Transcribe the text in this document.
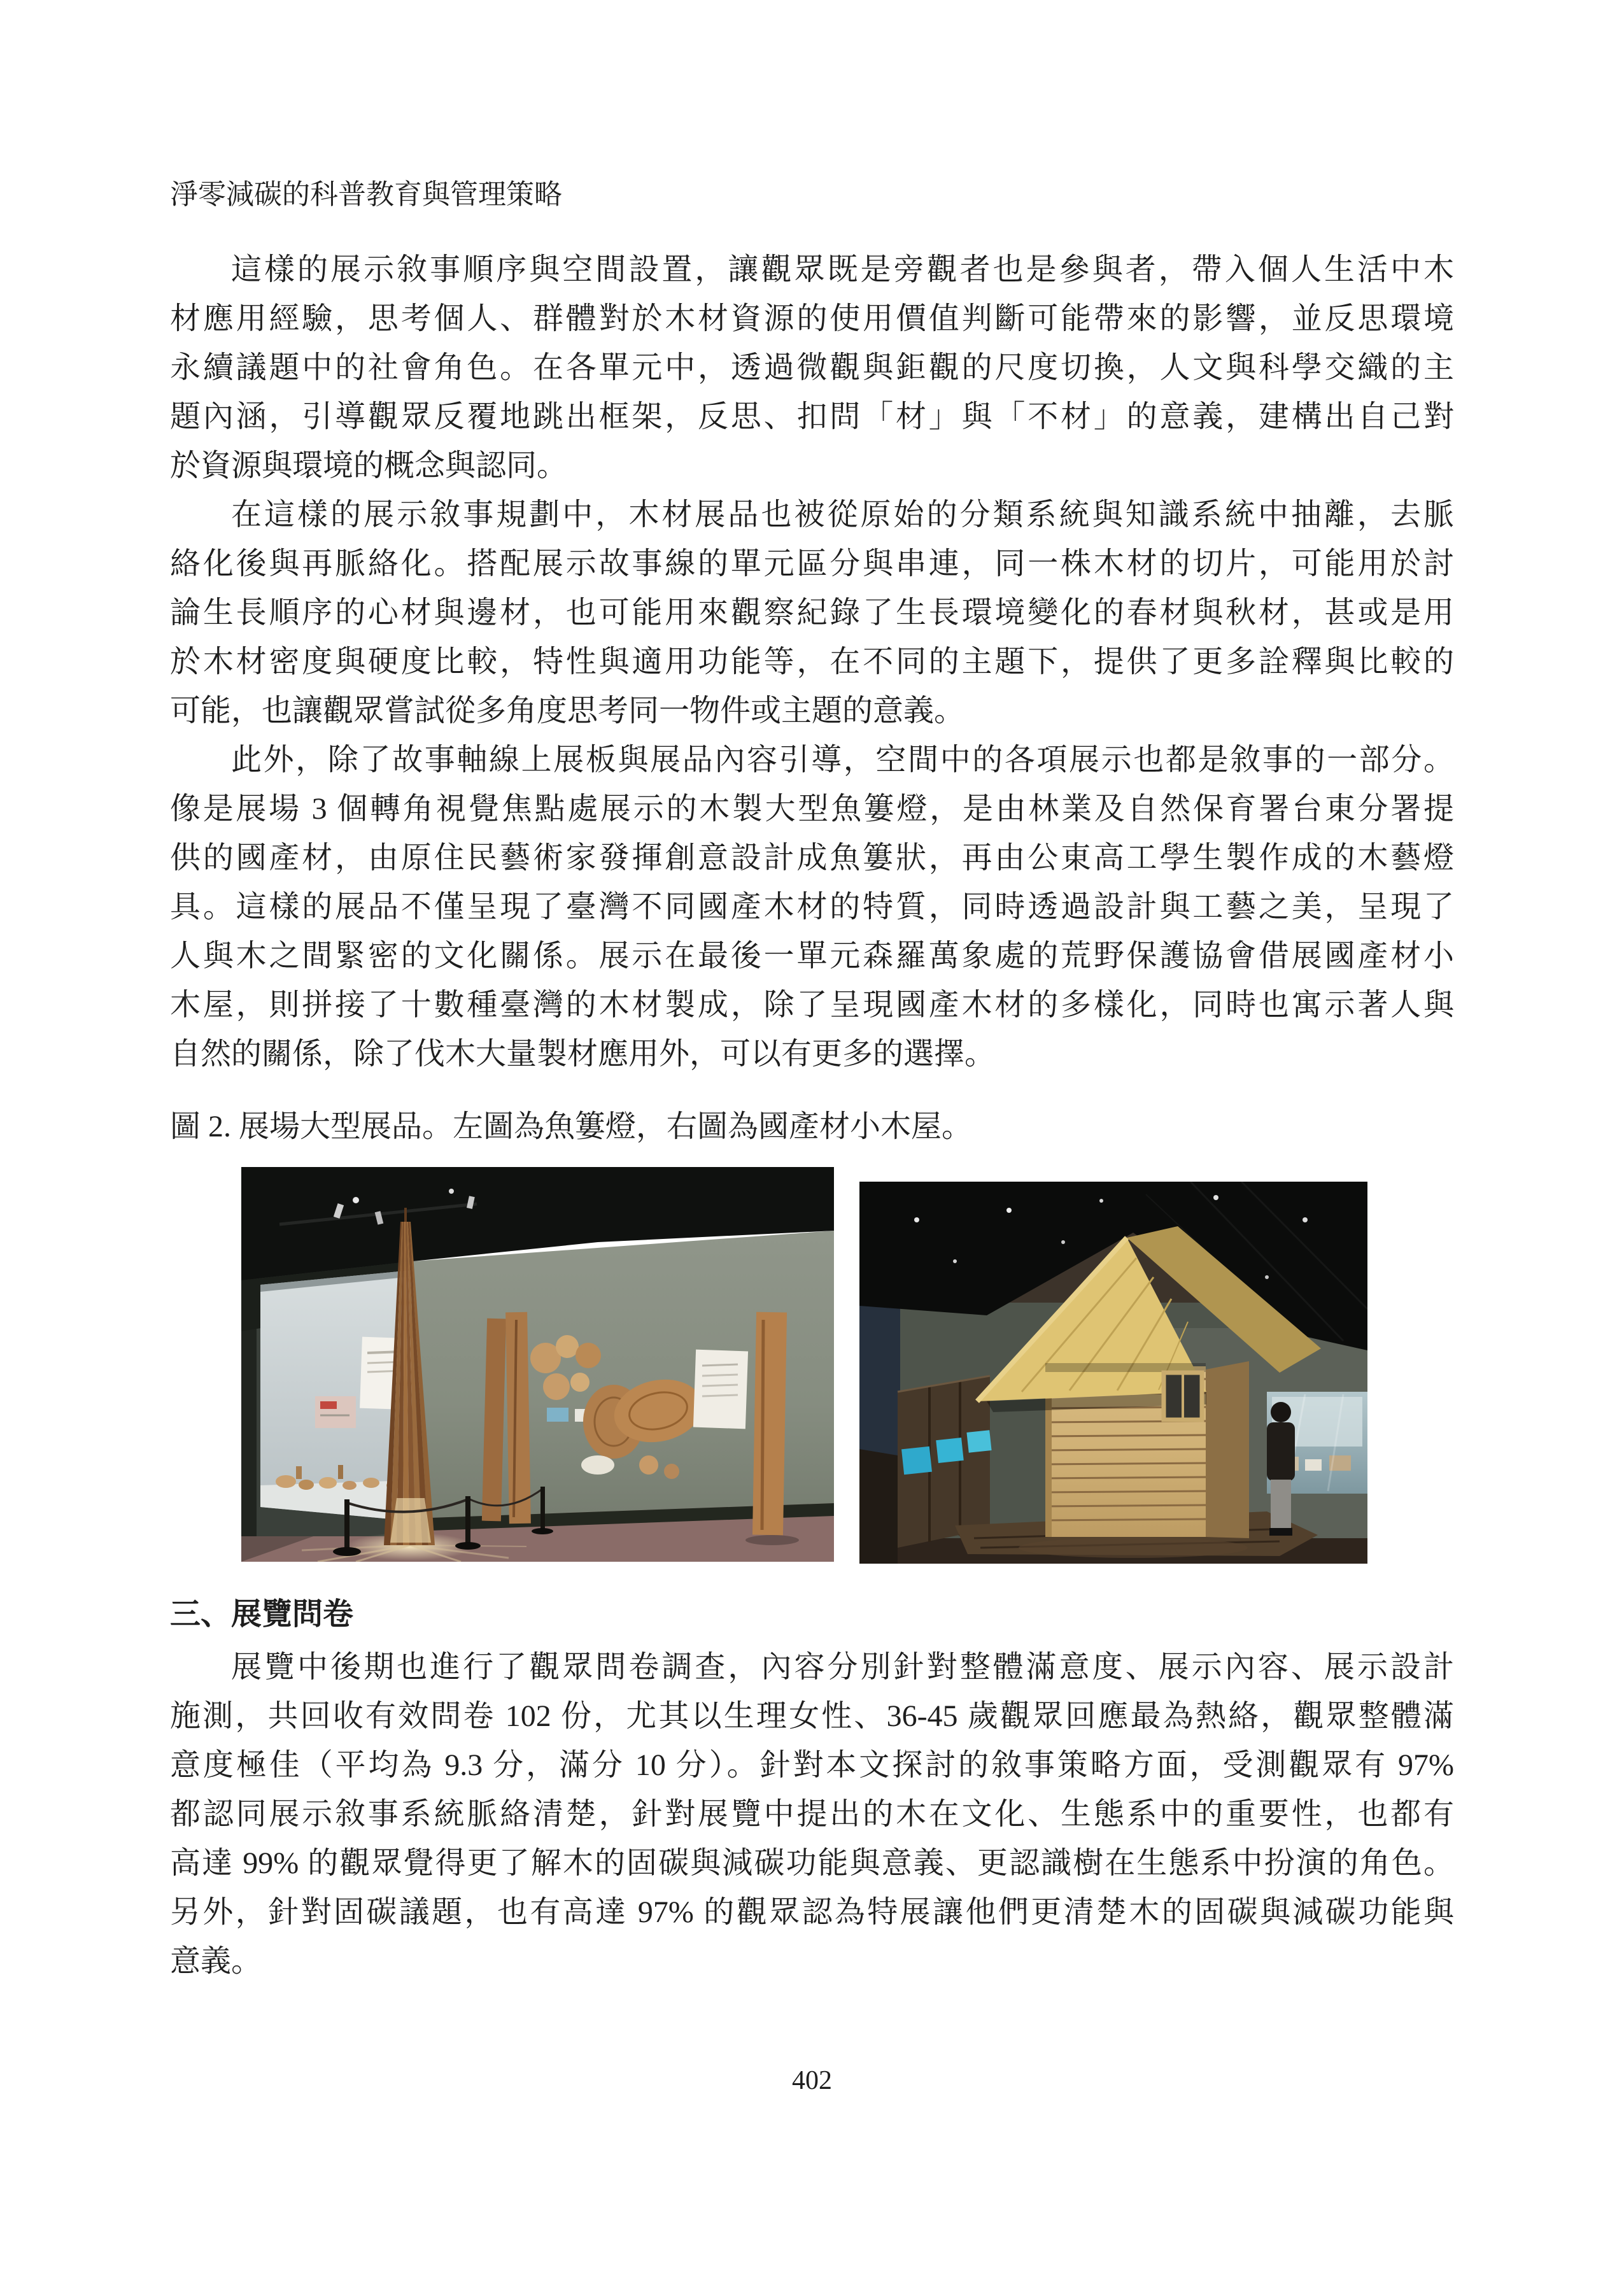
淨零減碳的科普教育與管理策略
這樣的展示敘事順序與空間設置，讓觀眾既是旁觀者也是參與者，帶入個人生活中木
材應用經驗，思考個人、群體對於木材資源的使用價值判斷可能帶來的影響，並反思環境
永續議題中的社會角色。在各單元中，透過微觀與鉅觀的尺度切換，人文與科學交織的主
題內涵，引導觀眾反覆地跳出框架，反思、扣問「材」與「不材」的意義，建構出自己對
於資源與環境的概念與認同。
在這樣的展示敘事規劃中，木材展品也被從原始的分類系統與知識系統中抽離，去脈
絡化後與再脈絡化。搭配展示故事線的單元區分與串連，同一株木材的切片，可能用於討
論生長順序的心材與邊材，也可能用來觀察紀錄了生長環境變化的春材與秋材，甚或是用
於木材密度與硬度比較，特性與適用功能等，在不同的主題下，提供了更多詮釋與比較的
可能，也讓觀眾嘗試從多角度思考同一物件或主題的意義。
此外，除了故事軸線上展板與展品內容引導，空間中的各項展示也都是敘事的一部分。
像是展場 3 個轉角視覺焦點處展示的木製大型魚簍燈，是由林業及自然保育署台東分署提
供的國產材，由原住民藝術家發揮創意設計成魚簍狀，再由公東高工學生製作成的木藝燈
具。這樣的展品不僅呈現了臺灣不同國產木材的特質，同時透過設計與工藝之美，呈現了
人與木之間緊密的文化關係。展示在最後一單元森羅萬象處的荒野保護協會借展國產材小
木屋，則拼接了十數種臺灣的木材製成，除了呈現國產木材的多樣化，同時也寓示著人與
自然的關係，除了伐木大量製材應用外，可以有更多的選擇。
圖 2. 展場大型展品。左圖為魚簍燈，右圖為國產材小木屋。
三、展覽問卷
展覽中後期也進行了觀眾問卷調查，內容分別針對整體滿意度、展示內容、展示設計
施測，共回收有效問卷 102 份，尤其以生理女性、36-45 歲觀眾回應最為熱絡，觀眾整體滿
意度極佳（平均為 9.3 分，滿分 10 分）。針對本文探討的敘事策略方面，受測觀眾有 97%
都認同展示敘事系統脈絡清楚，針對展覽中提出的木在文化、生態系中的重要性，也都有
高達 99% 的觀眾覺得更了解木的固碳與減碳功能與意義、更認識樹在生態系中扮演的角色。
另外，針對固碳議題，也有高達 97% 的觀眾認為特展讓他們更清楚木的固碳與減碳功能與
意義。
402
